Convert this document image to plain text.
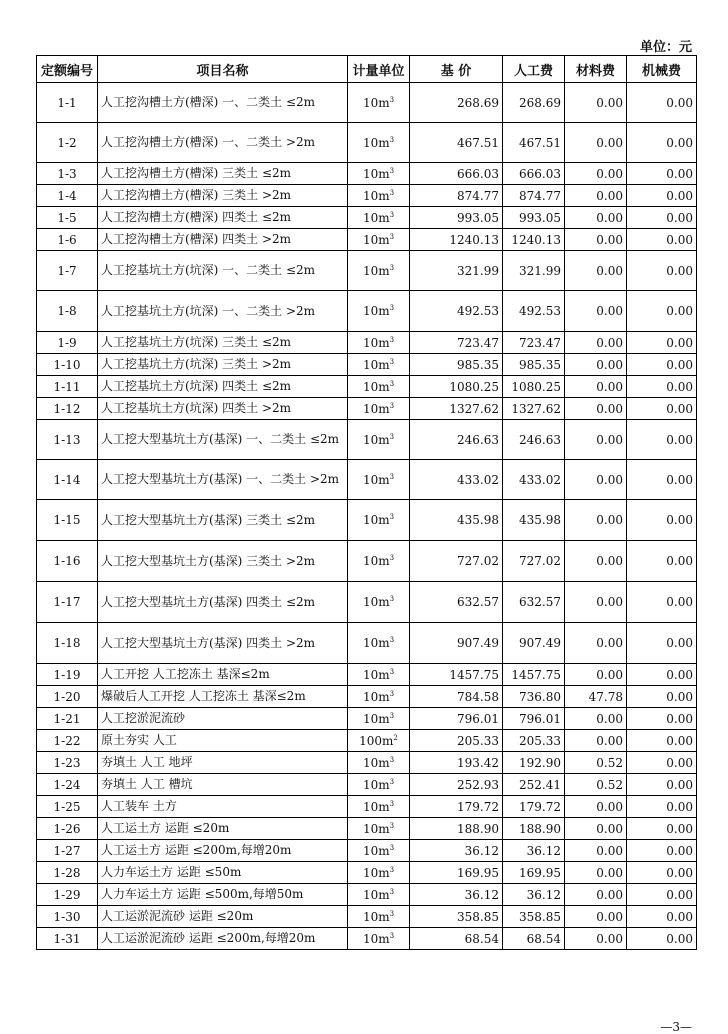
单位：元
定额编号	项目名称	计量单位	基 价	人工费	材料费	机械费
1-1	人工挖沟槽土方(槽深) 一、二类土 ≤2m	$10m^3$	268.69	268.69	0.00	0.00
1-2	人工挖沟槽土方(槽深) 一、二类土 >2m	$10m^3$	467.51	467.51	0.00	0.00
1-3	人工挖沟槽土方(槽深) 三类土 ≤2m	$10m^3$	666.03	666.03	0.00	0.00
1-4	人工挖沟槽土方(槽深) 三类土 >2m	$10m^3$	874.77	874.77	0.00	0.00
1-5	人工挖沟槽土方(槽深) 四类土 ≤2m	$10m^3$	993.05	993.05	0.00	0.00
1-6	人工挖沟槽土方(槽深) 四类土 >2m	$10m^3$	1240.13	1240.13	0.00	0.00
1-7	人工挖基坑土方(坑深) 一、二类土 ≤2m	$10m^3$	321.99	321.99	0.00	0.00
1-8	人工挖基坑土方(坑深) 一、二类土 >2m	$10m^3$	492.53	492.53	0.00	0.00
1-9	人工挖基坑土方(坑深) 三类土 ≤2m	$10m^3$	723.47	723.47	0.00	0.00
1-10	人工挖基坑土方(坑深) 三类土 >2m	$10m^3$	985.35	985.35	0.00	0.00
1-11	人工挖基坑土方(坑深) 四类土 ≤2m	$10m^3$	1080.25	1080.25	0.00	0.00
1-12	人工挖基坑土方(坑深) 四类土 >2m	$10m^3$	1327.62	1327.62	0.00	0.00
1-13	人工挖大型基坑土方(基深) 一、二类土 ≤2m	$10m^3$	246.63	246.63	0.00	0.00
1-14	人工挖大型基坑土方(基深) 一、二类土 >2m	$10m^3$	433.02	433.02	0.00	0.00
1-15	人工挖大型基坑土方(基深) 三类土 ≤2m	$10m^3$	435.98	435.98	0.00	0.00
1-16	人工挖大型基坑土方(基深) 三类土 >2m	$10m^3$	727.02	727.02	0.00	0.00
1-17	人工挖大型基坑土方(基深) 四类土 ≤2m	$10m^3$	632.57	632.57	0.00	0.00
1-18	人工挖大型基坑土方(基深) 四类土 >2m	$10m^3$	907.49	907.49	0.00	0.00
1-19	人工开挖 人工挖冻土 基深≤2m	$10m^3$	1457.75	1457.75	0.00	0.00
1-20	爆破后人工开挖 人工挖冻土 基深≤2m	$10m^3$	784.58	736.80	47.78	0.00
1-21	人工挖淤泥流砂	$10m^3$	796.01	796.01	0.00	0.00
1-22	原土夯实 人工	$100m^2$	205.33	205.33	0.00	0.00
1-23	夯填土 人工 地坪	$10m^3$	193.42	192.90	0.52	0.00
1-24	夯填土 人工 槽坑	$10m^3$	252.93	252.41	0.52	0.00
1-25	人工装车 土方	$10m^3$	179.72	179.72	0.00	0.00
1-26	人工运土方 运距 ≤20m	$10m^3$	188.90	188.90	0.00	0.00
1-27	人工运土方 运距 ≤200m,每增20m	$10m^3$	36.12	36.12	0.00	0.00
1-28	人力车运土方 运距 ≤50m	$10m^3$	169.95	169.95	0.00	0.00
1-29	人力车运土方 运距 ≤500m,每增50m	$10m^3$	36.12	36.12	0.00	0.00
1-30	人工运淤泥流砂 运距 ≤20m	$10m^3$	358.85	358.85	0.00	0.00
1-31	人工运淤泥流砂 运距 ≤200m,每增20m	$10m^3$	68.54	68.54	0.00	0.00
—3—
